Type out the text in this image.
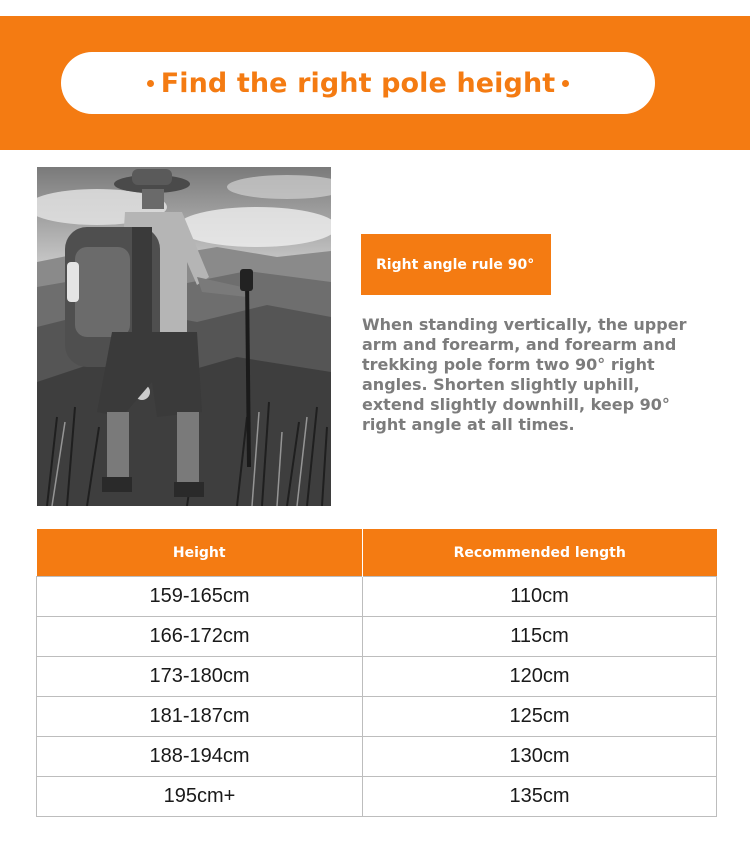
Find the right pole height
Right angle rule 90°
When standing vertically, the upper arm and forearm, and forearm and trekking pole form two 90° right angles. Shorten slightly uphill, extend slightly downhill, keep 90° right angle at all times.
Height	Recommended length
159-165cm	110cm
166-172cm	115cm
173-180cm	120cm
181-187cm	125cm
188-194cm	130cm
195cm+	135cm
